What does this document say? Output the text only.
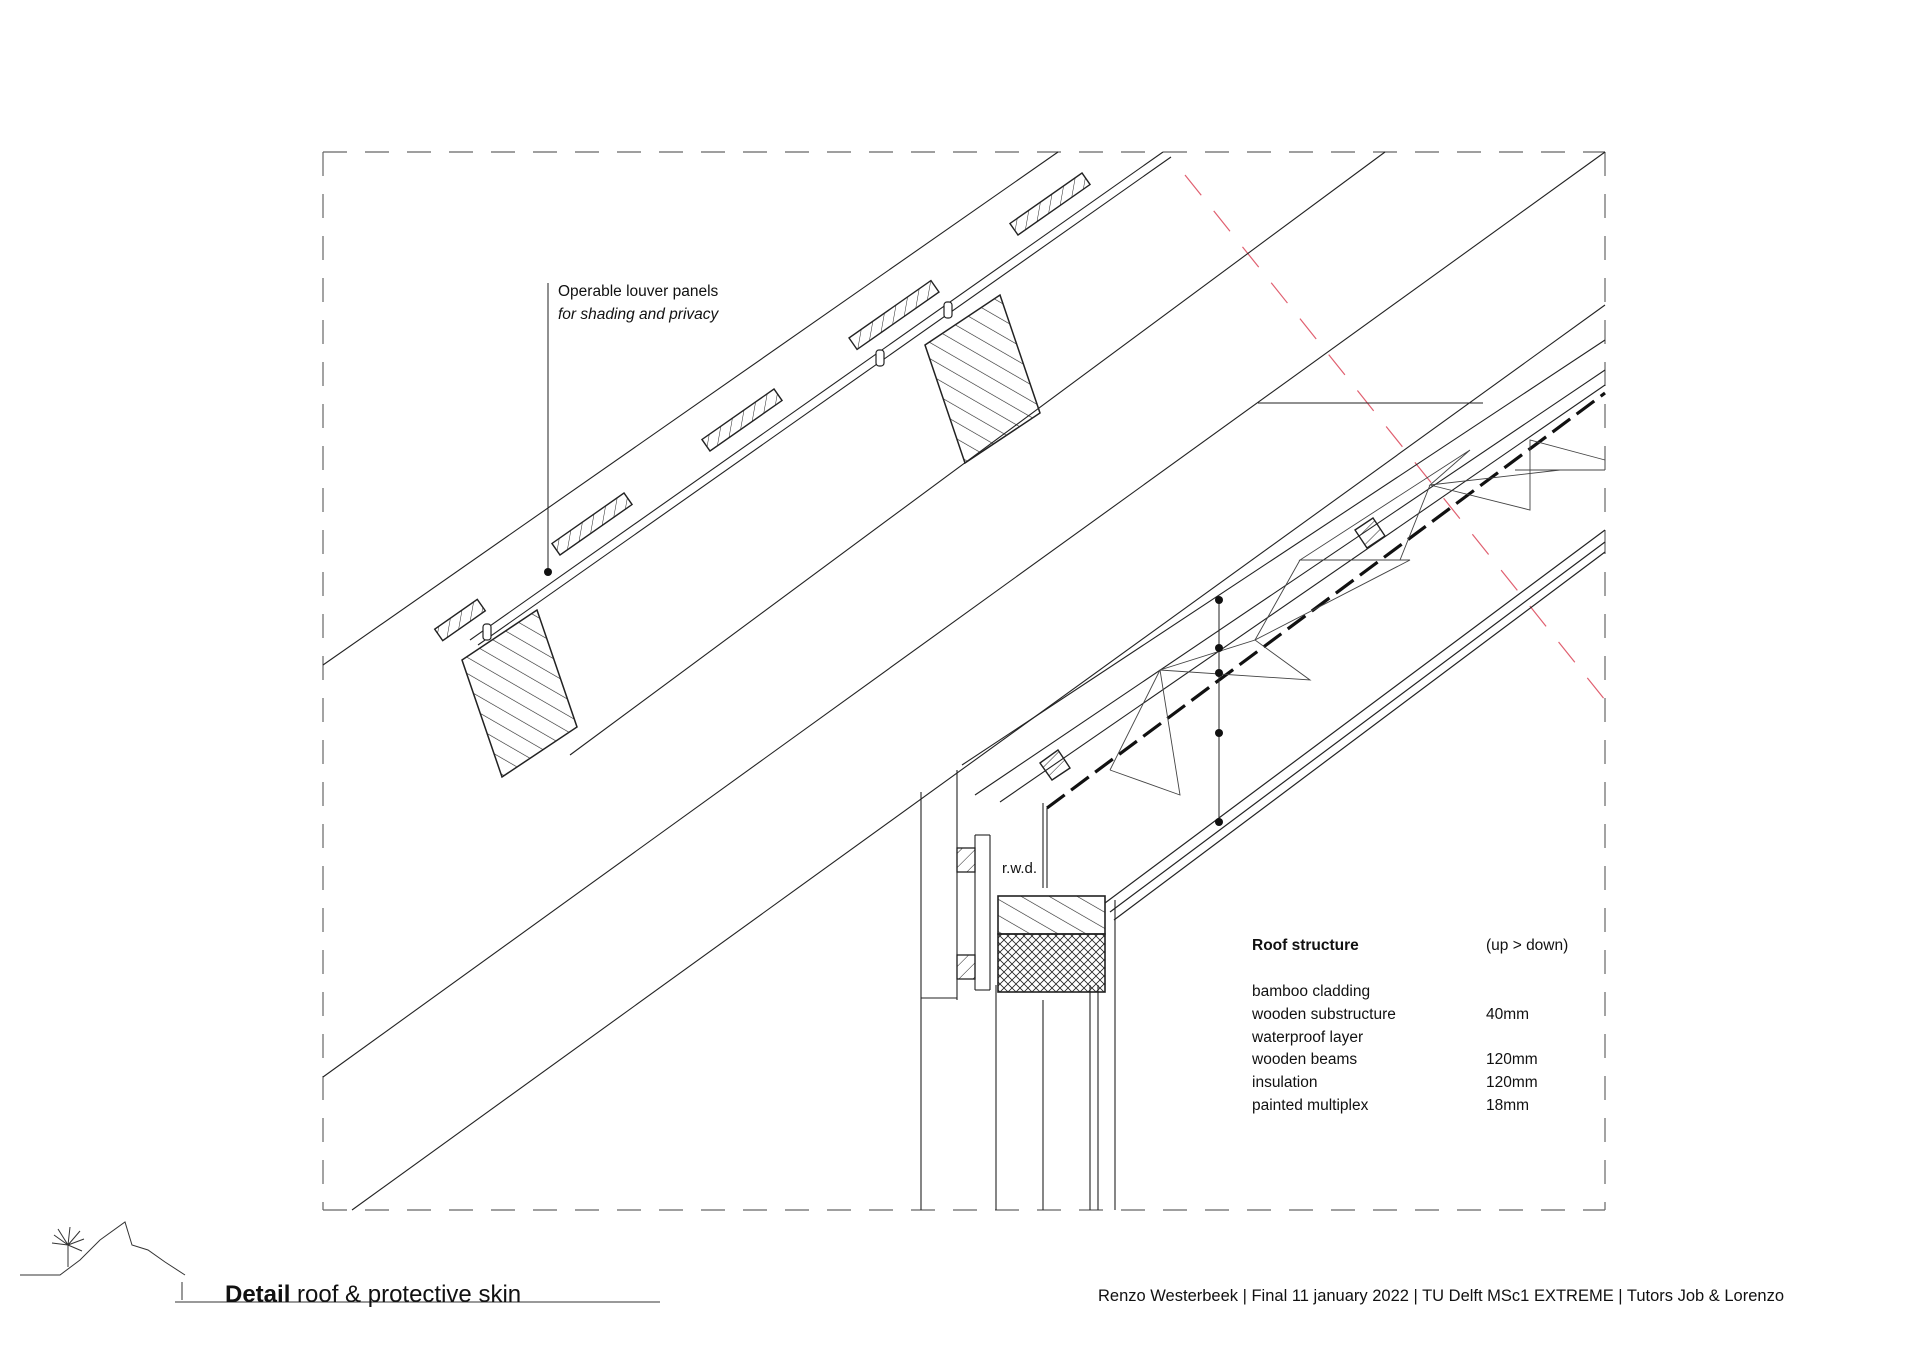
Operable louver panels
for shading and privacy
r.w.d.
Roof structure	(up > down)
bamboo cladding
wooden substructure	40mm
waterproof layer
wooden beams	120mm
insulation	120mm
painted multiplex	18mm
Detail roof & protective skin	Renzo Westerbeek | Final 11 january 2022 | TU Delft MSc1 EXTREME | Tutors Job & Lorenzo
